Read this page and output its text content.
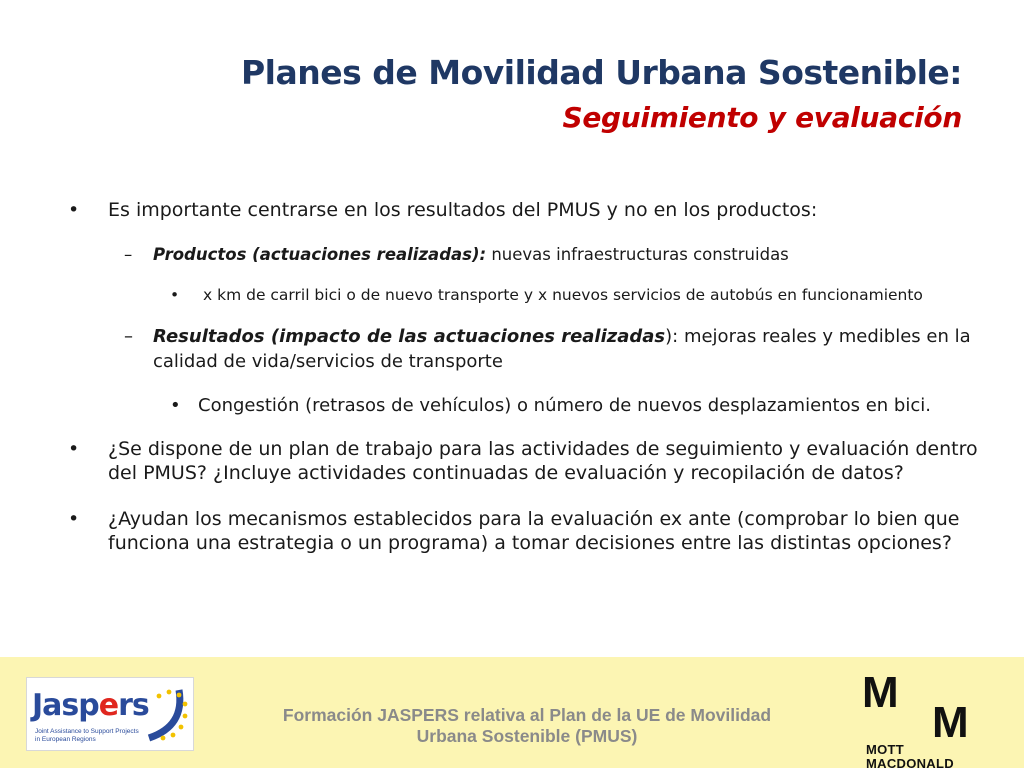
Planes de Movilidad Urbana Sostenible:
Seguimiento y evaluación
• Es importante centrarse en los resultados del PMUS y no en los productos:
– Productos (actuaciones realizadas): nuevas infraestructuras construidas
• x km de carril bici o de nuevo transporte y x nuevos servicios de autobús en funcionamiento
– Resultados (impacto de las actuaciones realizadas): mejoras reales y medibles en la
calidad de vida/servicios de transporte
• Congestión (retrasos de vehículos) o número de nuevos desplazamientos en bici.
• ¿Se dispone de un plan de trabajo para las actividades de seguimiento y evaluación dentro
del PMUS? ¿Incluye actividades continuadas de evaluación y recopilación de datos?
• ¿Ayudan los mecanismos establecidos para la evaluación ex ante (comprobar lo bien que
funciona una estrategia o un programa) a tomar decisiones entre las distintas opciones?
Jaspers
Joint Assistance to Support Projects in European Regions
Formación JASPERS relativa al Plan de la UE de Movilidad
Urbana Sostenible (PMUS)
M
M
MOTT
MACDONALD
